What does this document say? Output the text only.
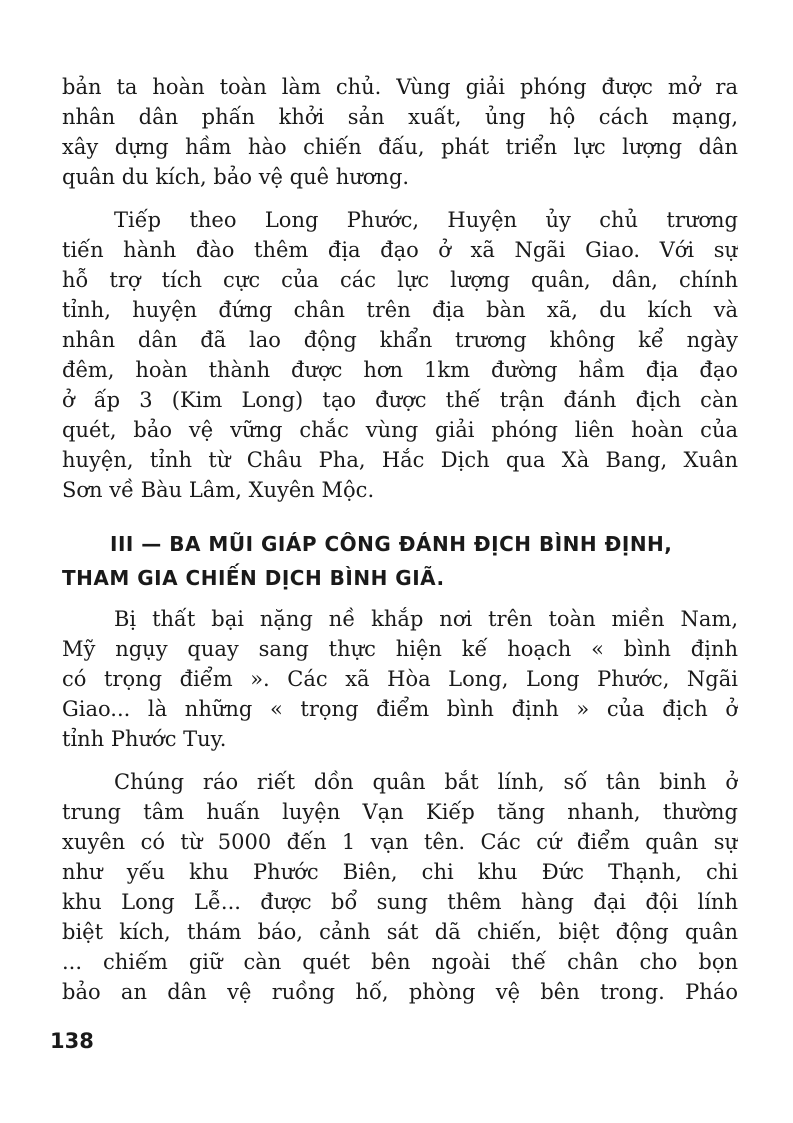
bản ta hoàn toàn làm chủ. Vùng giải phóng được mở ra
nhân dân phấn khởi sản xuất, ủng hộ cách mạng,
xây dựng hầm hào chiến đấu, phát triển lực lượng dân
quân du kích, bảo vệ quê hương.
Tiếp theo Long Phước, Huyện ủy chủ trương
tiến hành đào thêm địa đạo ở xã Ngãi Giao. Với sự
hỗ trợ tích cực của các lực lượng quân, dân, chính
tỉnh, huyện đứng chân trên địa bàn xã, du kích và
nhân dân đã lao động khẩn trương không kể ngày
đêm, hoàn thành được hơn 1km đường hầm địa đạo
ở ấp 3 (Kim Long) tạo được thế trận đánh địch càn
quét, bảo vệ vững chắc vùng giải phóng liên hoàn của
huyện, tỉnh từ Châu Pha, Hắc Dịch qua Xà Bang, Xuân
Sơn về Bàu Lâm, Xuyên Mộc.
III — BA MŨI GIÁP CÔNG ĐÁNH ĐỊCH BÌNH ĐỊNH,
THAM GIA CHIẾN DỊCH BÌNH GIÃ.
Bị thất bại nặng nề khắp nơi trên toàn miền Nam,
Mỹ ngụy quay sang thực hiện kế hoạch « bình định
có trọng điểm ». Các xã Hòa Long, Long Phước, Ngãi
Giao... là những « trọng điểm bình định » của địch ở
tỉnh Phước Tuy.
Chúng ráo riết dồn quân bắt lính, số tân binh ở
trung tâm huấn luyện Vạn Kiếp tăng nhanh, thường
xuyên có từ 5000 đến 1 vạn tên. Các cứ điểm quân sự
như yếu khu Phước Biên, chi khu Đức Thạnh, chi
khu Long Lễ... được bổ sung thêm hàng đại đội lính
biệt kích, thám báo, cảnh sát dã chiến, biệt động quân
... chiếm giữ càn quét bên ngoài thế chân cho bọn
bảo an dân vệ ruồng hố, phòng vệ bên trong. Pháo
138
